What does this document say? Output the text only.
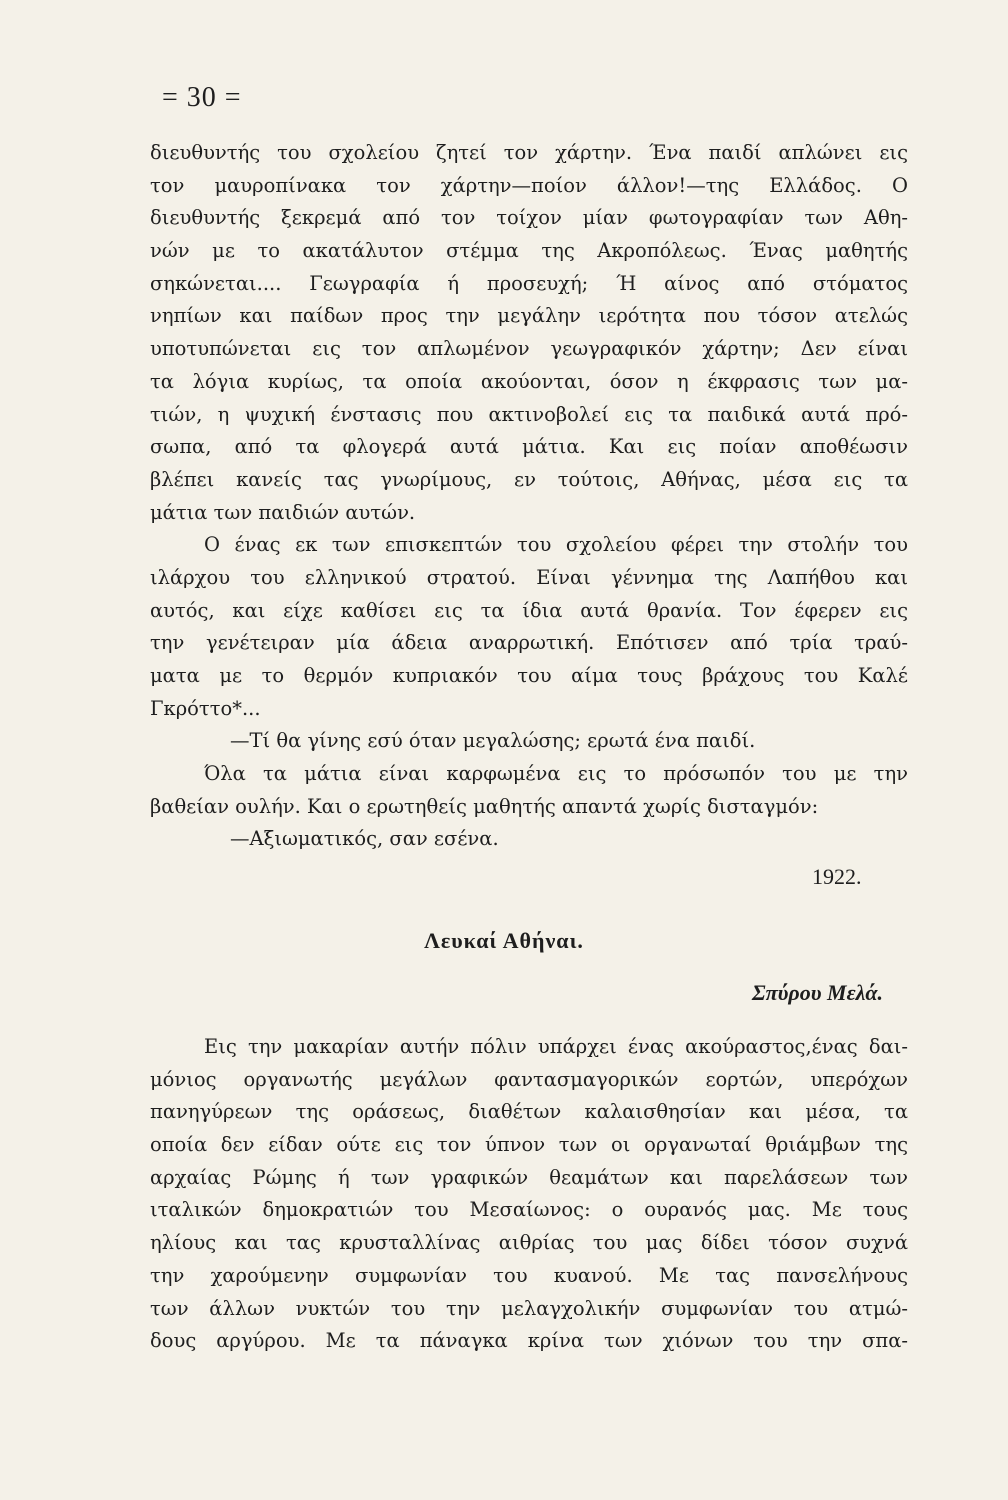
= 30 =
διευθυντής του σχολείου ζητεί τον χάρτην. Ένα παιδί απλώνει εις
τον μαυροπίνακα τον χάρτην—ποίον άλλον!—της Ελλάδος. Ο
διευθυντής ξεκρεμά από τον τοίχον μίαν φωτογραφίαν των Αθη-
νών με το ακατάλυτον στέμμα της Ακροπόλεως. Ένας μαθητής
σηκώνεται.... Γεωγραφία ή προσευχή; Ή αίνος από στόματος
νηπίων και παίδων προς την μεγάλην ιερότητα που τόσον ατελώς
υποτυπώνεται εις τον απλωμένον γεωγραφικόν χάρτην; Δεν είναι
τα λόγια κυρίως, τα οποία ακούονται, όσον η έκφρασις των μα-
τιών, η ψυχική ένστασις που ακτινοβολεί εις τα παιδικά αυτά πρό-
σωπα, από τα φλογερά αυτά μάτια. Και εις ποίαν αποθέωσιν
βλέπει κανείς τας γνωρίμους, εν τούτοις, Αθήνας, μέσα εις τα
μάτια των παιδιών αυτών.
Ο ένας εκ των επισκεπτών του σχολείου φέρει την στολήν του
ιλάρχου του ελληνικού στρατού. Είναι γέννημα της Λαπήθου και
αυτός, και είχε καθίσει εις τα ίδια αυτά θρανία. Τον έφερεν εις
την γενέτειραν μία άδεια αναρρωτική. Επότισεν από τρία τραύ-
ματα με το θερμόν κυπριακόν του αίμα τους βράχους του Καλέ
Γκρόττο*...
—Τί θα γίνης εσύ όταν μεγαλώσης; ερωτά ένα παιδί.
Όλα τα μάτια είναι καρφωμένα εις το πρόσωπόν του με την
βαθείαν ουλήν. Και ο ερωτηθείς μαθητής απαντά χωρίς δισταγμόν:
—Αξιωματικός, σαν εσένα.
1922.
Λευκαί Αθήναι.
Σπύρου Μελά.
Εις την μακαρίαν αυτήν πόλιν υπάρχει ένας ακούραστος,ένας δαι-
μόνιος οργανωτής μεγάλων φαντασμαγορικών εορτών, υπερόχων
πανηγύρεων της οράσεως, διαθέτων καλαισθησίαν και μέσα, τα
οποία δεν είδαν ούτε εις τον ύπνον των οι οργανωταί θριάμβων της
αρχαίας Ρώμης ή των γραφικών θεαμάτων και παρελάσεων των
ιταλικών δημοκρατιών του Μεσαίωνος: ο ουρανός μας. Με τους
ηλίους και τας κρυσταλλίνας αιθρίας του μας δίδει τόσον συχνά
την χαρούμενην συμφωνίαν του κυανού. Με τας πανσελήνους
των άλλων νυκτών του την μελαγχολικήν συμφωνίαν του ατμώ-
δους αργύρου. Με τα πάναγκα κρίνα των χιόνων του την σπα-
